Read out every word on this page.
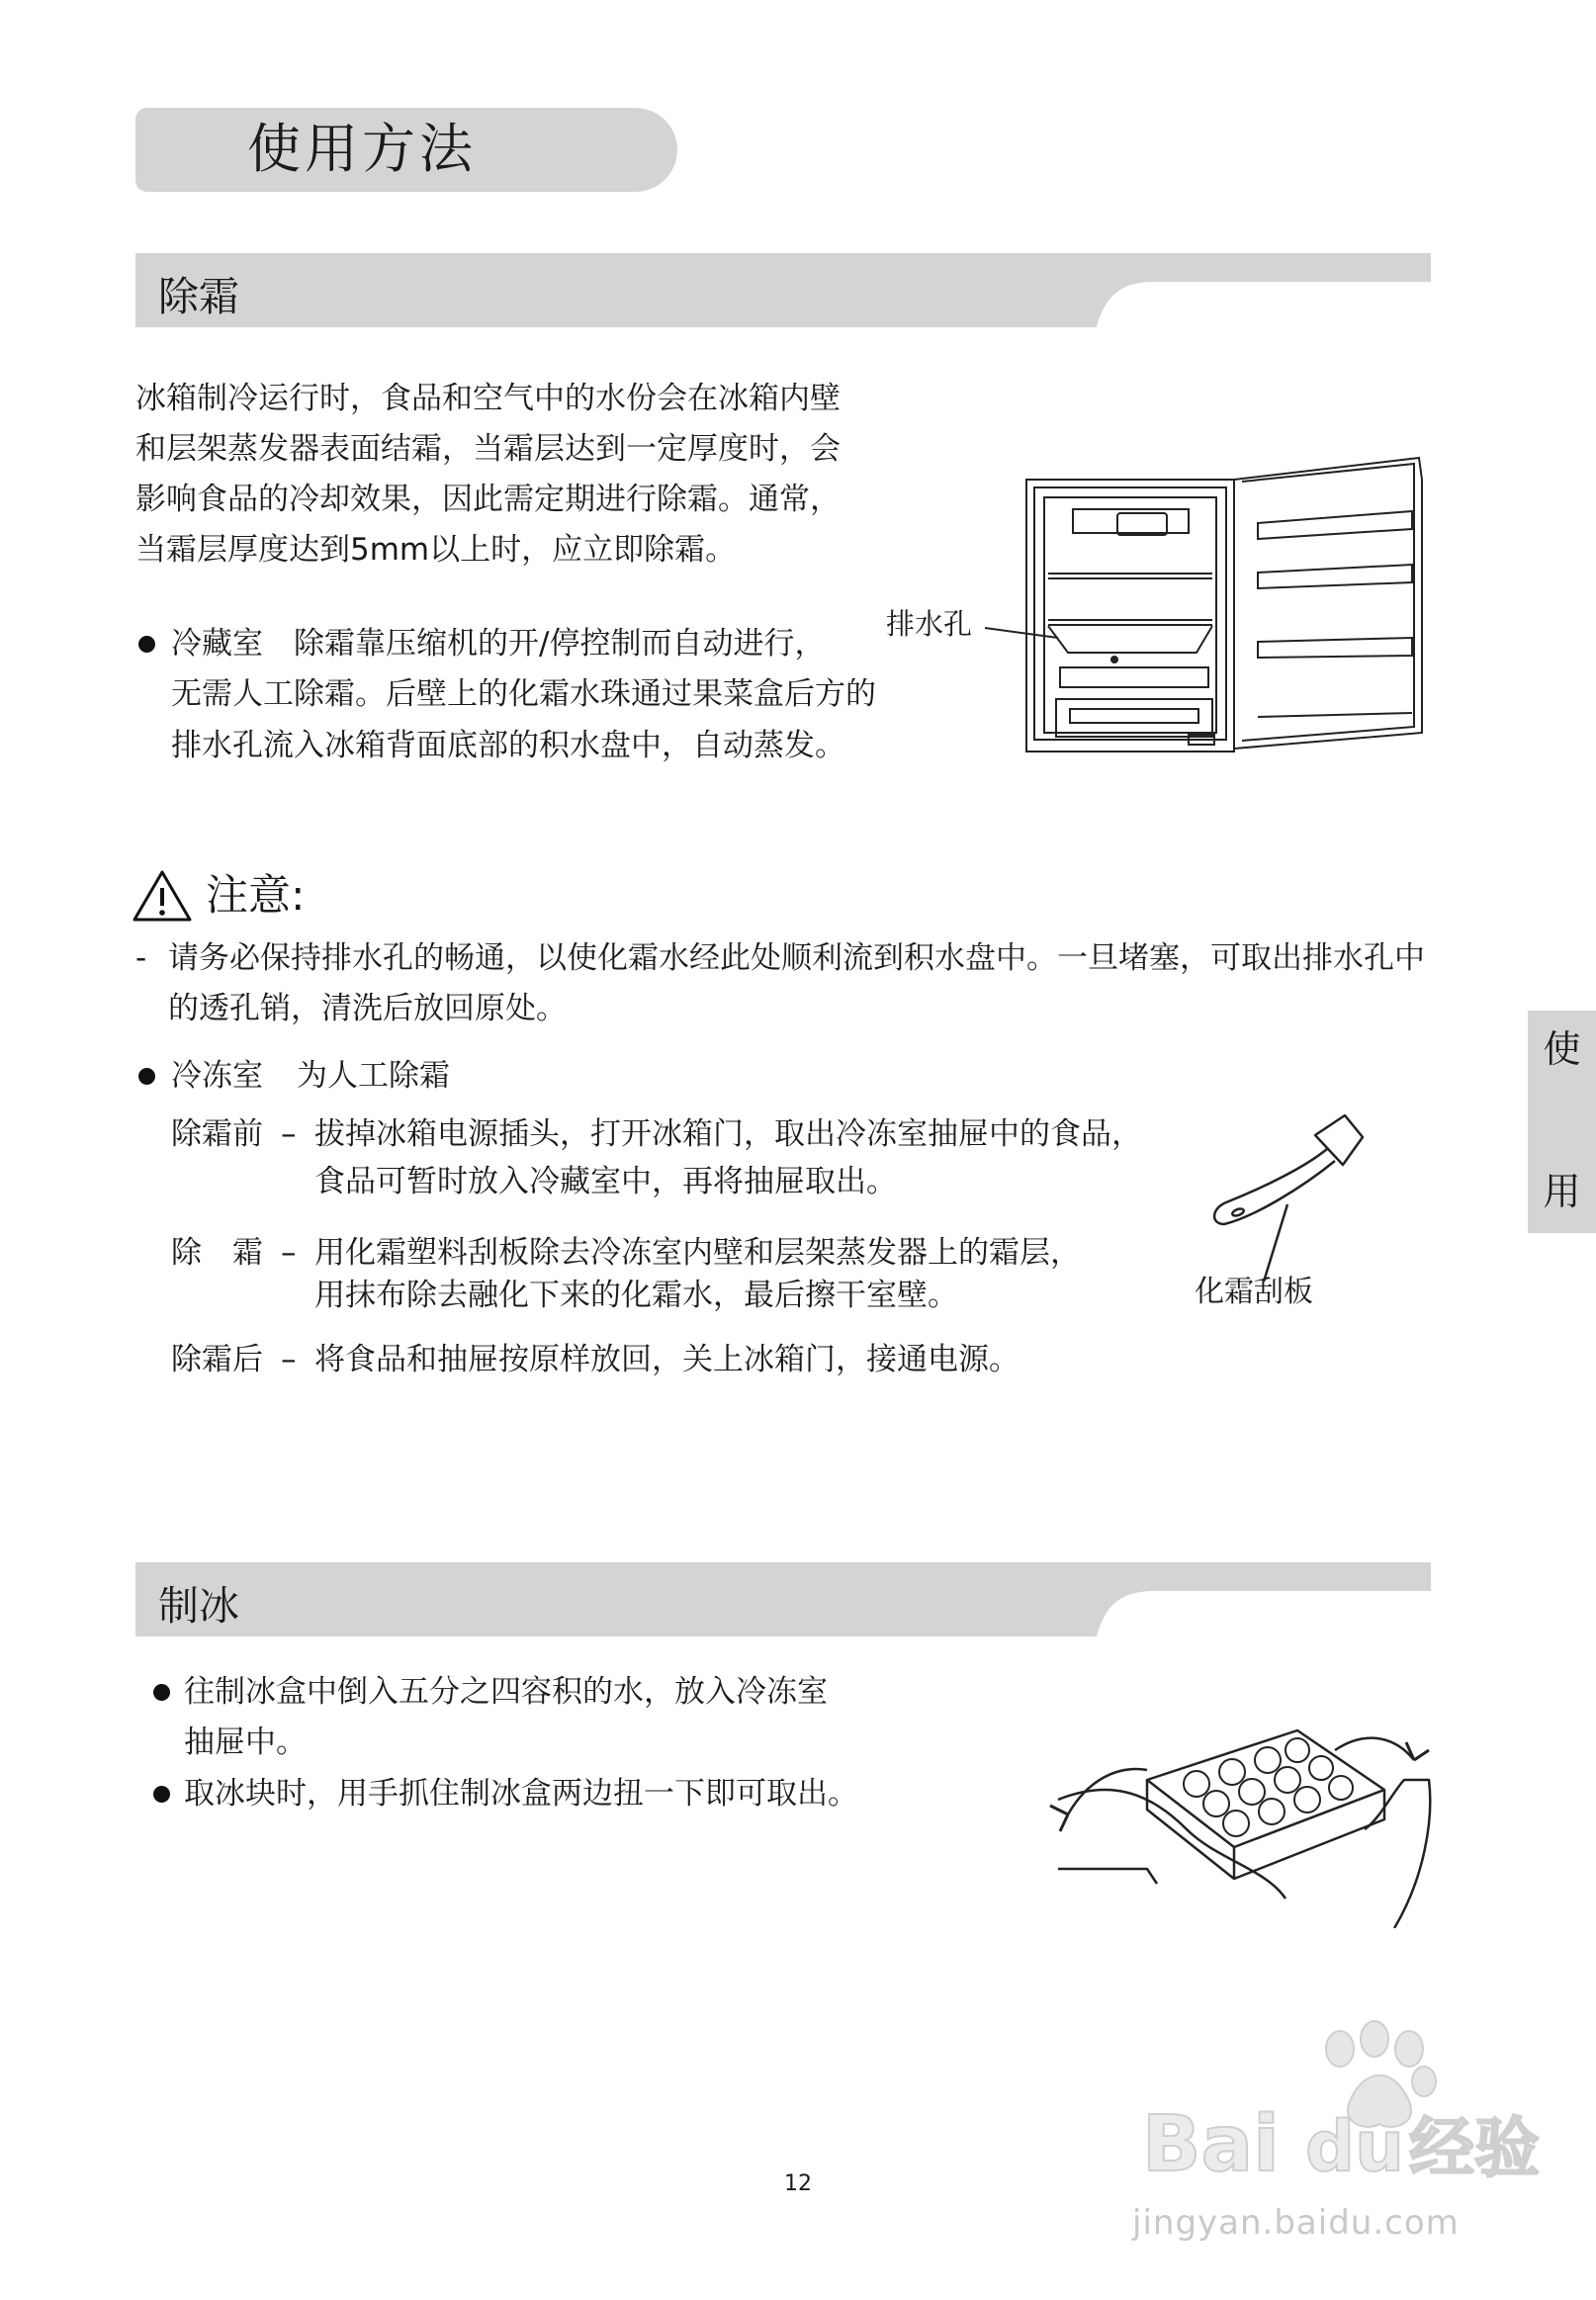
使用方法
除霜
冰箱制冷运行时，食品和空气中的水份会在冰箱内壁
和层架蒸发器表面结霜，当霜层达到一定厚度时，会
影响食品的冷却效果，因此需定期进行除霜。通常，
当霜层厚度达到5mm以上时，应立即除霜。
冷藏室 除霜靠压缩机的开/停控制而自动进行，
无需人工除霜。后壁上的化霜水珠通过果菜盒后方的
排水孔流入冰箱背面底部的积水盘中，自动蒸发。
排水孔
注意:
- 请务必保持排水孔的畅通，以使化霜水经此处顺利流到积水盘中。一旦堵塞，可取出排水孔中
的透孔销，清洗后放回原处。
冷冻室 为人工除霜
除霜前 – 拔掉冰箱电源插头，打开冰箱门，取出冷冻室抽屉中的食品，
食品可暂时放入冷藏室中，再将抽屉取出。
除　霜 – 用化霜塑料刮板除去冷冻室内壁和层架蒸发器上的霜层，
用抹布除去融化下来的化霜水，最后擦干室壁。
除霜后 – 将食品和抽屉按原样放回，关上冰箱门，接通电源。
化霜刮板
制冰
往制冰盒中倒入五分之四容积的水，放入冷冻室
抽屉中。
取冰块时，用手抓住制冰盒两边扭一下即可取出。
使
用
12	Bai du 经验
jingyan.baidu.com
